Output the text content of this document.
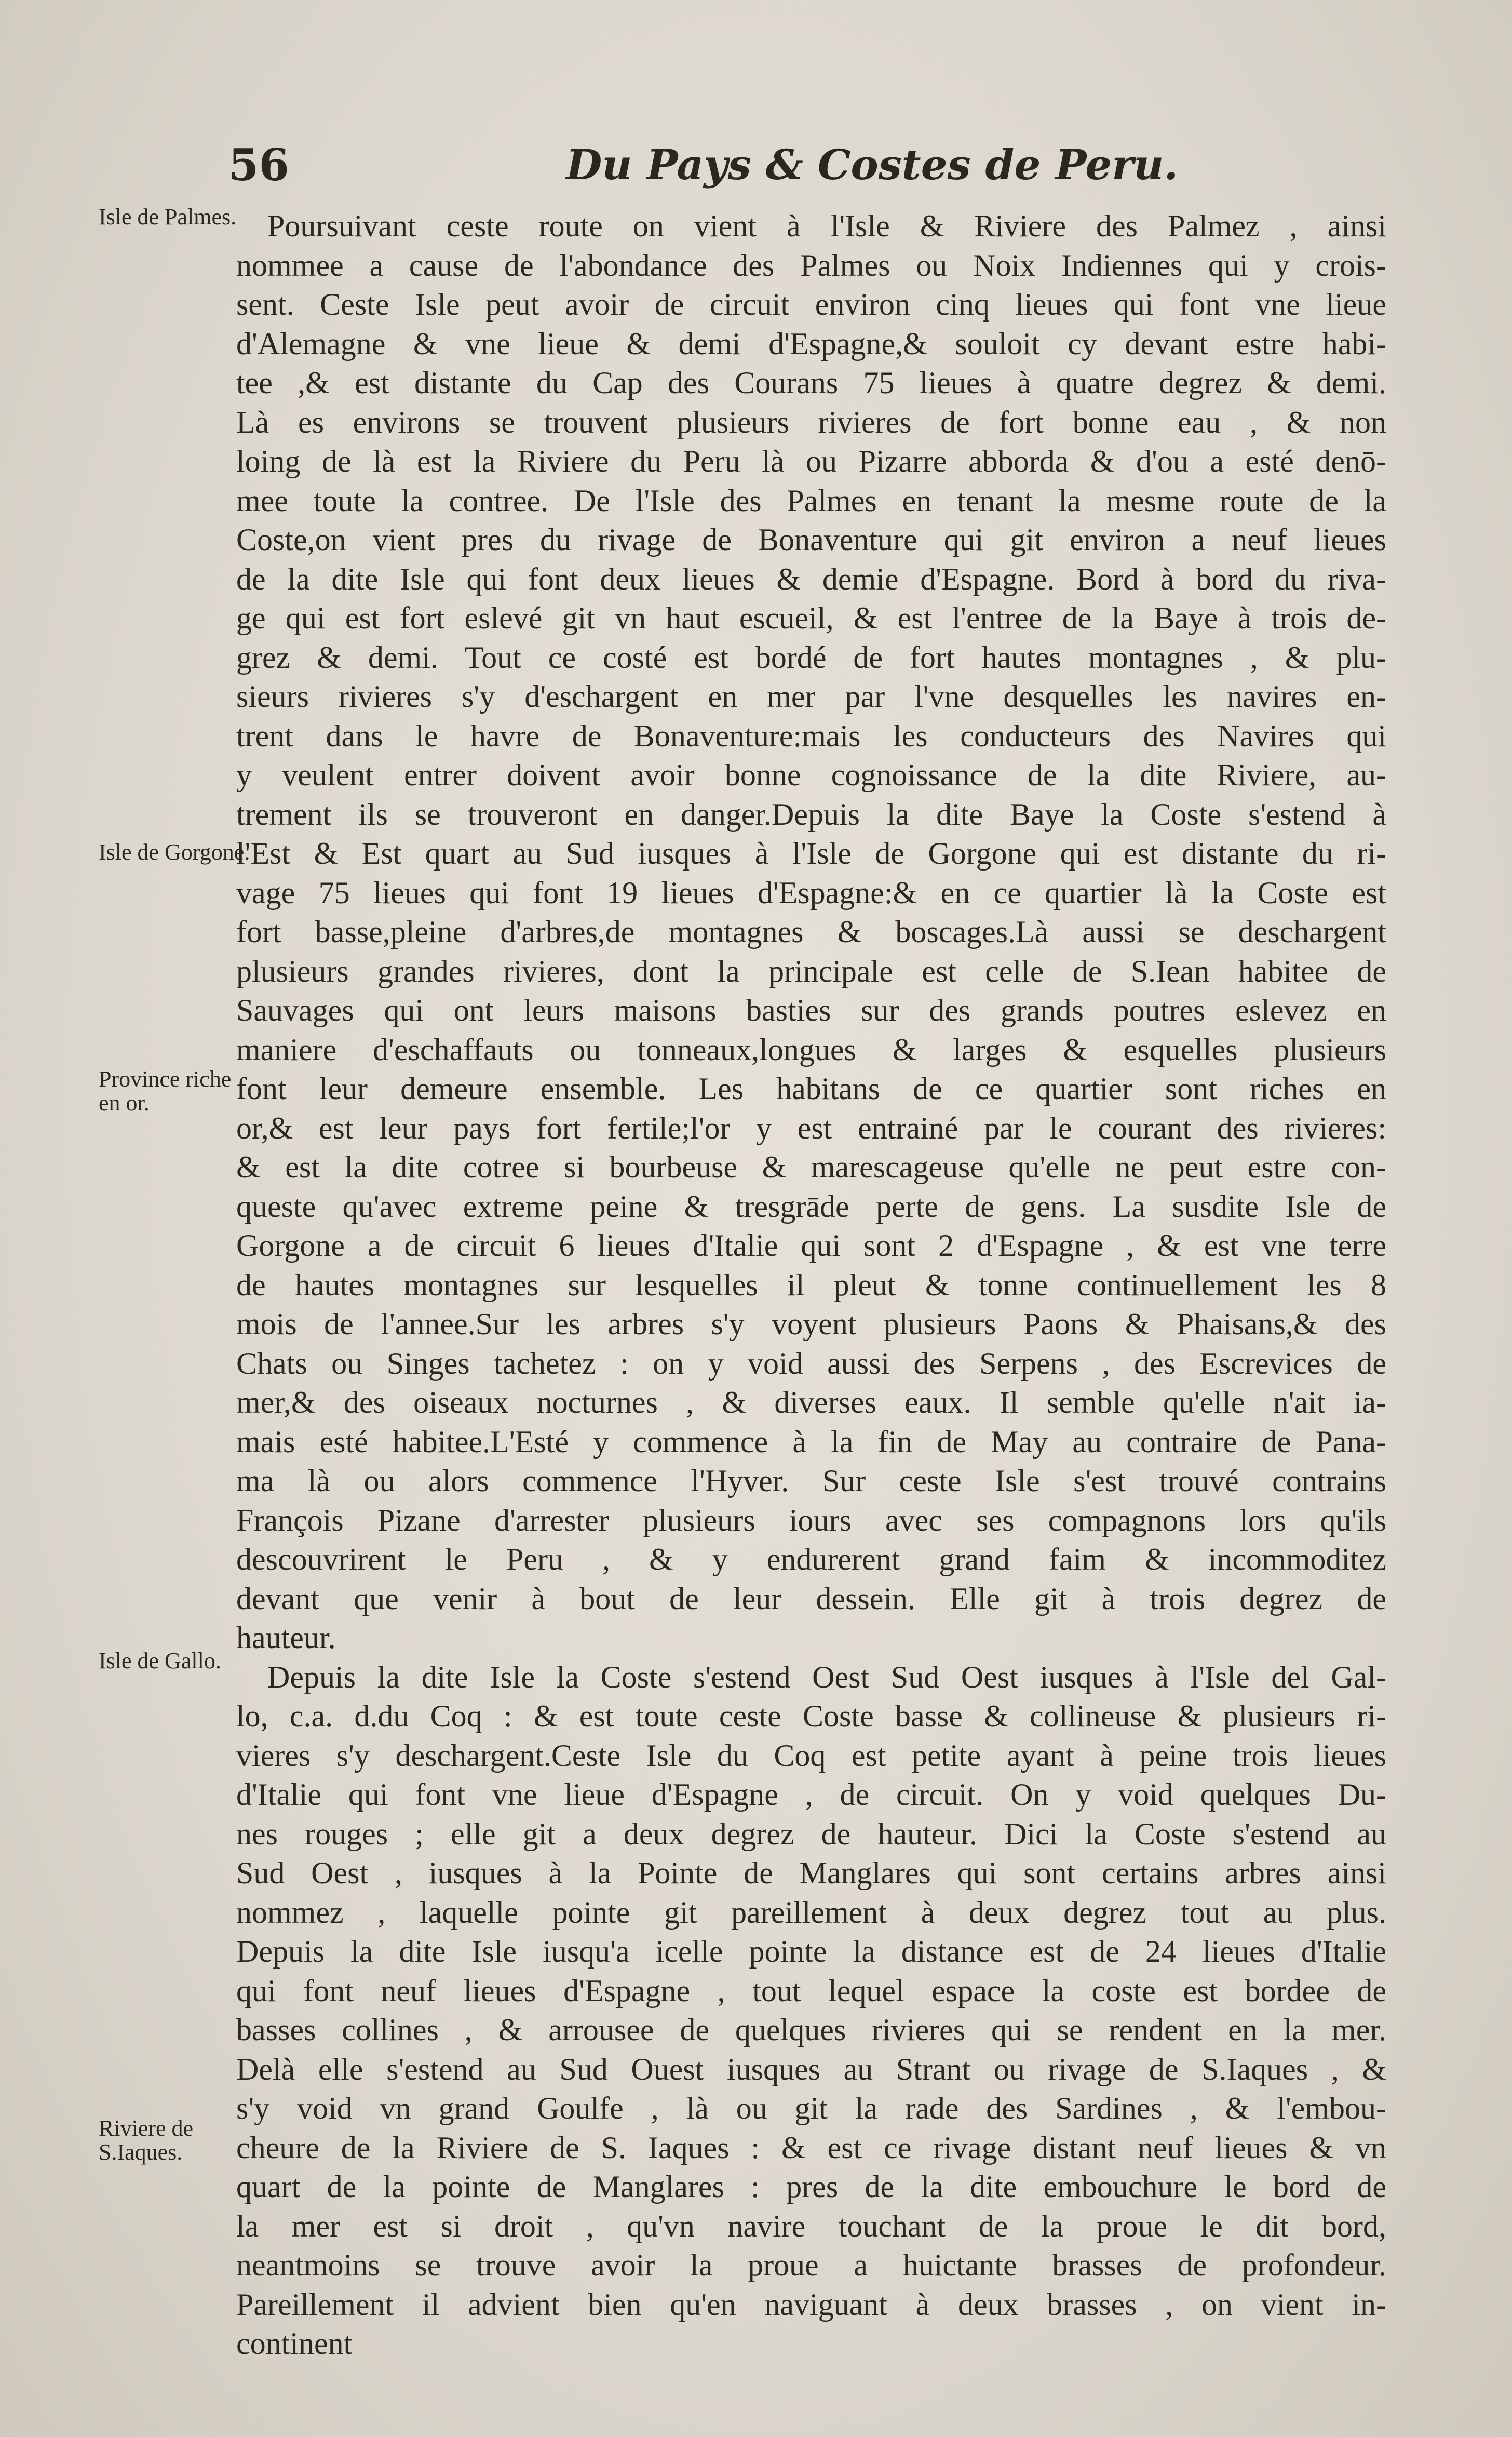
56	Du Pays & Costes de Peru.
Isle de Palmes.
Isle de Gorgone.
Province riche en or.
Isle de Gallo.
Riviere de S.Iaques.
Poursuivant ceste route on vient à l'Isle & Riviere des Palmez , ainsi
nommee a cause de l'abondance des Palmes ou Noix Indiennes qui y crois-
sent. Ceste Isle peut avoir de circuit environ cinq lieues qui font vne lieue
d'Alemagne & vne lieue & demi d'Espagne,& souloit cy devant estre habi-
tee ,& est distante du Cap des Courans 75 lieues à quatre degrez & demi.
Là es environs se trouvent plusieurs rivieres de fort bonne eau , & non
loing de là est la Riviere du Peru là ou Pizarre abborda & d'ou a esté denō-
mee toute la contree. De l'Isle des Palmes en tenant la mesme route de la
Coste,on vient pres du rivage de Bonaventure qui git environ a neuf lieues
de la dite Isle qui font deux lieues & demie d'Espagne. Bord à bord du riva-
ge qui est fort eslevé git vn haut escueil, & est l'entree de la Baye à trois de-
grez & demi. Tout ce costé est bordé de fort hautes montagnes , & plu-
sieurs rivieres s'y d'eschargent en mer par l'vne desquelles les navires en-
trent dans le havre de Bonaventure:mais les conducteurs des Navires qui
y veulent entrer doivent avoir bonne cognoissance de la dite Riviere, au-
trement ils se trouveront en danger.Depuis la dite Baye la Coste s'estend à
l'Est & Est quart au Sud iusques à l'Isle de Gorgone qui est distante du ri-
vage 75 lieues qui font 19 lieues d'Espagne:& en ce quartier là la Coste est
fort basse,pleine d'arbres,de montagnes & boscages.Là aussi se deschargent
plusieurs grandes rivieres, dont la principale est celle de S.Iean habitee de
Sauvages qui ont leurs maisons basties sur des grands poutres eslevez en
maniere d'eschaffauts ou tonneaux,longues & larges & esquelles plusieurs
font leur demeure ensemble. Les habitans de ce quartier sont riches en
or,& est leur pays fort fertile;l'or y est entrainé par le courant des rivieres:
& est la dite cotree si bourbeuse & marescageuse qu'elle ne peut estre con-
queste qu'avec extreme peine & tresgrāde perte de gens. La susdite Isle de
Gorgone a de circuit 6 lieues d'Italie qui sont 2 d'Espagne , & est vne terre
de hautes montagnes sur lesquelles il pleut & tonne continuellement les 8
mois de l'annee.Sur les arbres s'y voyent plusieurs Paons & Phaisans,& des
Chats ou Singes tachetez : on y void aussi des Serpens , des Escrevices de
mer,& des oiseaux nocturnes , & diverses eaux. Il semble qu'elle n'ait ia-
mais esté habitee.L'Esté y commence à la fin de May au contraire de Pana-
ma là ou alors commence l'Hyver. Sur ceste Isle s'est trouvé contrains
François Pizane d'arrester plusieurs iours avec ses compagnons lors qu'ils
descouvrirent le Peru , & y endurerent grand faim & incommoditez
devant que venir à bout de leur dessein. Elle git à trois degrez de
hauteur.
Depuis la dite Isle la Coste s'estend Oest Sud Oest iusques à l'Isle del Gal-
lo, c.a. d.du Coq : & est toute ceste Coste basse & collineuse & plusieurs ri-
vieres s'y deschargent.Ceste Isle du Coq est petite ayant à peine trois lieues
d'Italie qui font vne lieue d'Espagne , de circuit. On y void quelques Du-
nes rouges ; elle git a deux degrez de hauteur. Dici la Coste s'estend au
Sud Oest , iusques à la Pointe de Manglares qui sont certains arbres ainsi
nommez , laquelle pointe git pareillement à deux degrez tout au plus.
Depuis la dite Isle iusqu'a icelle pointe la distance est de 24 lieues d'Italie
qui font neuf lieues d'Espagne , tout lequel espace la coste est bordee de
basses collines , & arrousee de quelques rivieres qui se rendent en la mer.
Delà elle s'estend au Sud Ouest iusques au Strant ou rivage de S.Iaques , &
s'y void vn grand Goulfe , là ou git la rade des Sardines , & l'embou-
cheure de la Riviere de S. Iaques : & est ce rivage distant neuf lieues & vn
quart de la pointe de Manglares : pres de la dite embouchure le bord de
la mer est si droit , qu'vn navire touchant de la proue le dit bord,
neantmoins se trouve avoir la proue a huictante brasses de profondeur.
Pareillement il advient bien qu'en naviguant à deux brasses , on vient in-
continent
